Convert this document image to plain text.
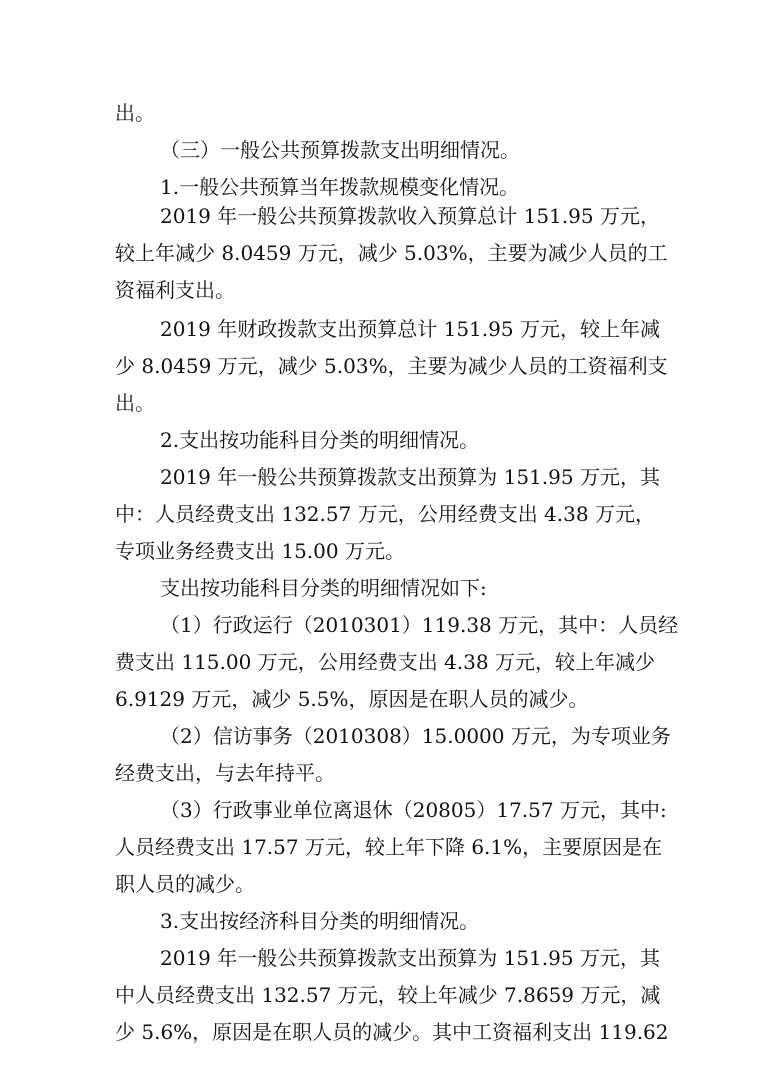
出。
（三）一般公共预算拨款支出明细情况。
1.一般公共预算当年拨款规模变化情况。
2019 年一般公共预算拨款收入预算总计 151.95 万元，
较上年减少 8.0459 万元，减少 5.03%，主要为减少人员的工
资福利支出。
2019 年财政拨款支出预算总计 151.95 万元，较上年减
少 8.0459 万元，减少 5.03%，主要为减少人员的工资福利支
出。
2.支出按功能科目分类的明细情况。
2019 年一般公共预算拨款支出预算为 151.95 万元，其
中：人员经费支出 132.57 万元，公用经费支出 4.38 万元，
专项业务经费支出 15.00 万元。
支出按功能科目分类的明细情况如下:
（1）行政运行（2010301）119.38 万元，其中：人员经
费支出 115.00 万元，公用经费支出 4.38 万元，较上年减少
6.9129 万元，减少 5.5%，原因是在职人员的减少。
（2）信访事务（2010308）15.0000 万元，为专项业务
经费支出，与去年持平。
（3）行政事业单位离退休（20805）17.57 万元，其中:
人员经费支出 17.57 万元，较上年下降 6.1%，主要原因是在
职人员的减少。
3.支出按经济科目分类的明细情况。
2019 年一般公共预算拨款支出预算为 151.95 万元，其
中人员经费支出 132.57 万元，较上年减少 7.8659 万元，减
少 5.6%，原因是在职人员的减少。其中工资福利支出 119.62
